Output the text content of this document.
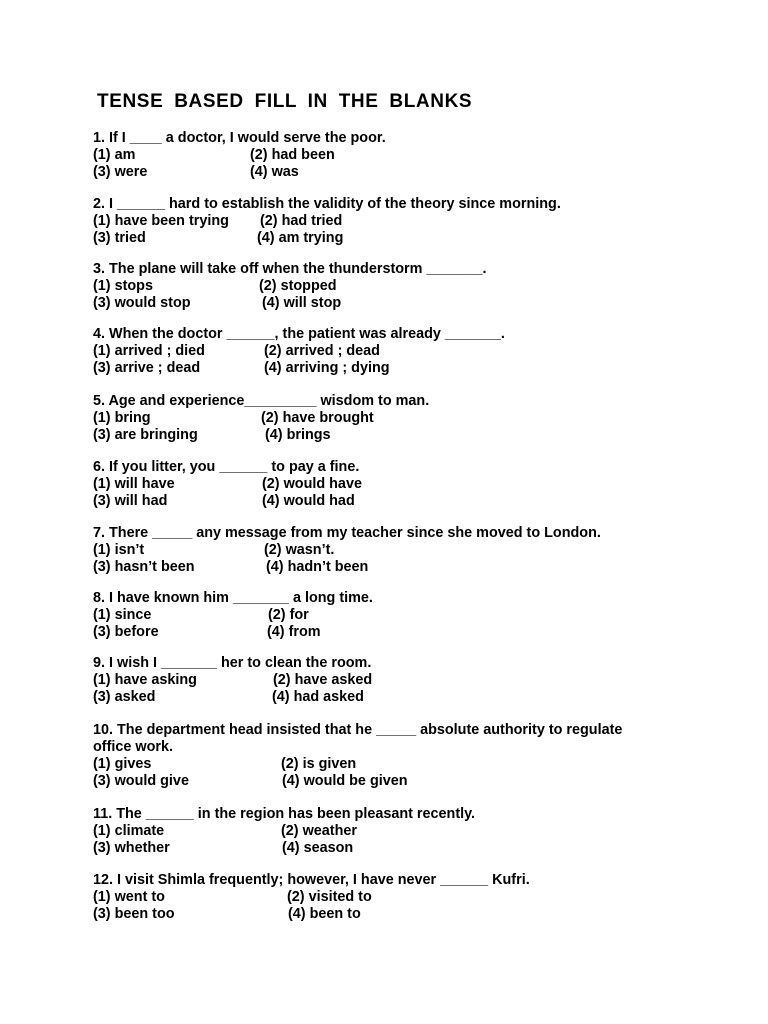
TENSE BASED FILL IN THE BLANKS
1. If I ____ a doctor, I would serve the poor.
(1) am	(2) had been
(3) were	(4) was
2. I ______ hard to establish the validity of the theory since morning.
(1) have been trying (2) had tried
(3) tried	(4) am trying
3. The plane will take off when the thunderstorm _______.
(1) stops	(2) stopped
(3) would stop	(4) will stop
4. When the doctor ______, the patient was already _______.
(1) arrived ; died	(2) arrived ; dead
(3) arrive ; dead	(4) arriving ; dying
5. Age and experience_________ wisdom to man.
(1) bring	(2) have brought
(3) are bringing	(4) brings
6. If you litter, you ______ to pay a fine.
(1) will have	(2) would have
(3) will had	(4) would had
7. There _____ any message from my teacher since she moved to London.
(1) isn’t	(2) wasn’t.
(3) hasn’t been	(4) hadn’t been
8. I have known him _______ a long time.
(1) since	(2) for
(3) before	(4) from
9. I wish I _______ her to clean the room.
(1) have asking	(2) have asked
(3) asked	(4) had asked
10. The department head insisted that he _____ absolute authority to regulate office work.
(1) gives	(2) is given
(3) would give	(4) would be given
11. The ______ in the region has been pleasant recently.
(1) climate	(2) weather
(3) whether	(4) season
12. I visit Shimla frequently; however, I have never ______ Kufri.
(1) went to	(2) visited to
(3) been too	(4) been to
